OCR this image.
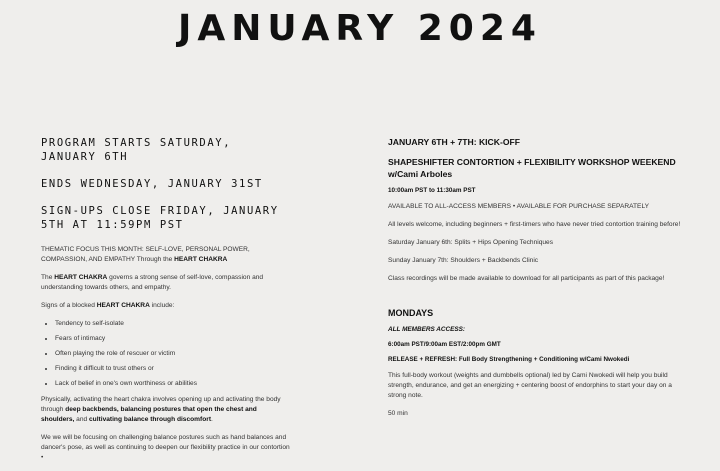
JANUARY 2024

PROGRAM STARTS SATURDAY, JANUARY 6TH

ENDS WEDNESDAY, JANUARY 31ST

SIGN-UPS CLOSE FRIDAY, JANUARY 5TH AT 11:59PM PST

THEMATIC FOCUS THIS MONTH: SELF-LOVE, PERSONAL POWER, COMPASSION, AND EMPATHY Through the HEART CHAKRA

The HEART CHAKRA governs a strong sense of self-love, compassion and understanding towards others, and empathy.

Signs of a blocked HEART CHAKRA include:

• Tendency to self-isolate
• Fears of intimacy
• Often playing the role of rescuer or victim
• Finding it difficult to trust others or
• Lack of belief in one's own worthiness or abilities

Physically, activating the heart chakra involves opening up and activating the body through deep backbends, balancing postures that open the chest and shoulders, and cultivating balance through discomfort.

We we will be focusing on challenging balance postures such as hand balances and dancer's pose, as well as continuing to deepen our flexibility practice in our contortion •

JANUARY 6TH + 7TH: KICK-OFF

SHAPESHIFTER CONTORTION + FLEXIBILITY WORKSHOP WEEKEND w/Cami Arboles

10:00am PST to 11:30am PST

AVAILABLE TO ALL-ACCESS MEMBERS • AVAILABLE FOR PURCHASE SEPARATELY

All levels welcome, including beginners + first-timers who have never tried contortion training before!

Saturday January 6th: Splits + Hips Opening Techniques

Sunday January 7th: Shoulders + Backbends Clinic

Class recordings will be made available to download for all participants as part of this package!

MONDAYS

ALL MEMBERS ACCESS:

6:00am PST/9:00am EST/2:00pm GMT

RELEASE + REFRESH: Full Body Strengthening + Conditioning w/Cami Nwokedi

This full-body workout (weights and dumbbells optional) led by Cami Nwokedi will help you build strength, endurance, and get an energizing + centering boost of endorphins to start your day on a strong note.

50 min
